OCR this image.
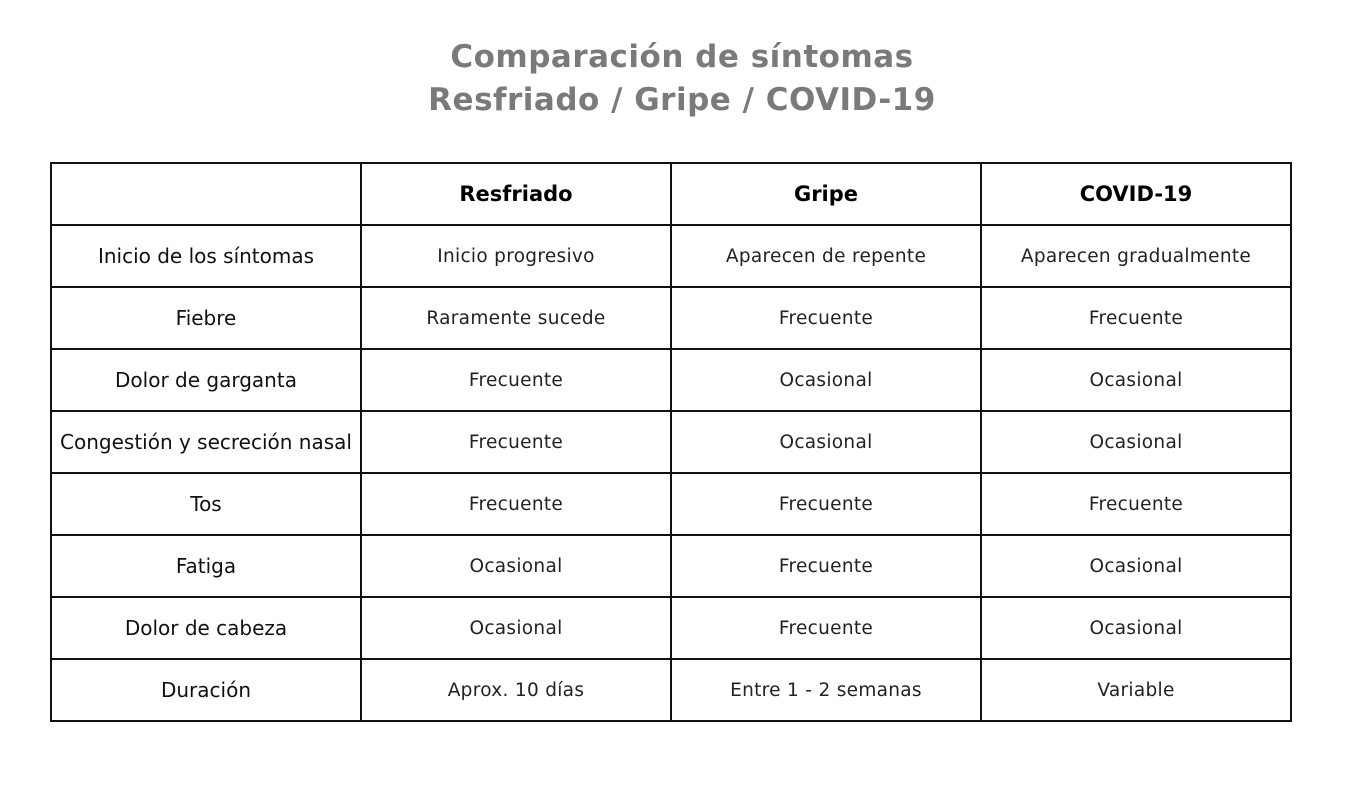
Comparación de síntomas
Resfriado / Gripe / COVID-19
	Resfriado	Gripe	COVID-19
Inicio de los síntomas	Inicio progresivo	Aparecen de repente	Aparecen gradualmente
Fiebre	Raramente sucede	Frecuente	Frecuente
Dolor de garganta	Frecuente	Ocasional	Ocasional
Congestión y secreción nasal	Frecuente	Ocasional	Ocasional
Tos	Frecuente	Frecuente	Frecuente
Fatiga	Ocasional	Frecuente	Ocasional
Dolor de cabeza	Ocasional	Frecuente	Ocasional
Duración	Aprox. 10 días	Entre 1 - 2 semanas	Variable
